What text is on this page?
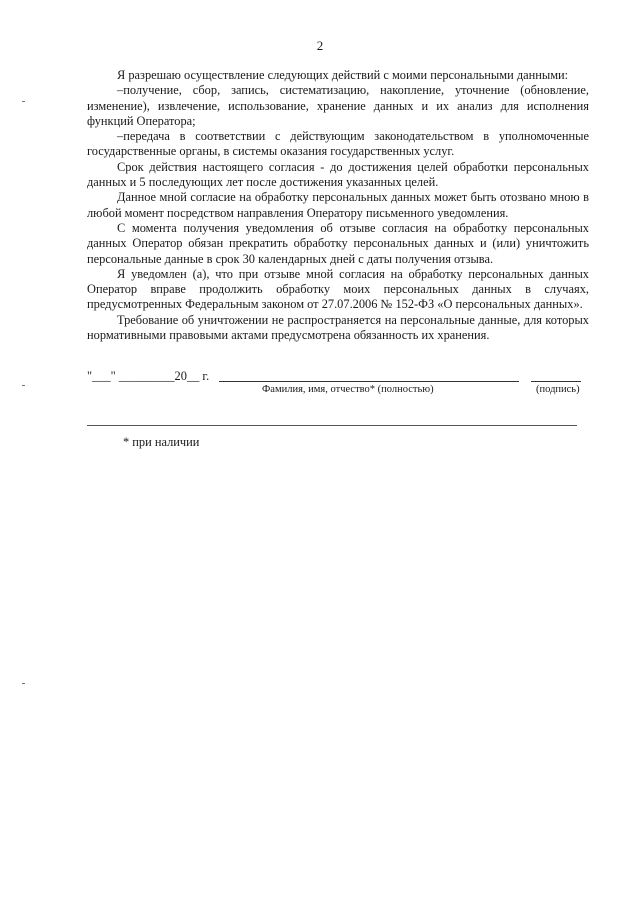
2

Я разрешаю осуществление следующих действий с моими персональными данными:

–получение, сбор, запись, систематизацию, накопление, уточнение (обновление, изменение), извлечение, использование, хранение данных и их анализ для исполнения функций Оператора;

–передача в соответствии с действующим законодательством в уполномоченные государственные органы, в системы оказания государственных услуг.

Срок действия настоящего согласия - до достижения целей обработки персональных данных и 5 последующих лет после достижения указанных целей.

Данное мной согласие на обработку персональных данных может быть отозвано мною в любой момент посредством направления Оператору письменного уведомления.

С момента получения уведомления об отзыве согласия на обработку персональных данных Оператор обязан прекратить обработку персональных данных и (или) уничтожить персональные данные в срок 30 календарных дней с даты получения отзыва.

Я уведомлен (а), что при отзыве мной согласия на обработку персональных данных Оператор вправе продолжить обработку моих персональных данных в случаях, предусмотренных Федеральным законом от 27.07.2006 № 152-ФЗ «О персональных данных».

Требование об уничтожении не распространяется на персональные данные, для которых нормативными правовыми актами предусмотрена обязанность их хранения.

"___" _________20__ г.
Фамилия, имя, отчество* (полностью)	(подпись)
* при наличии
